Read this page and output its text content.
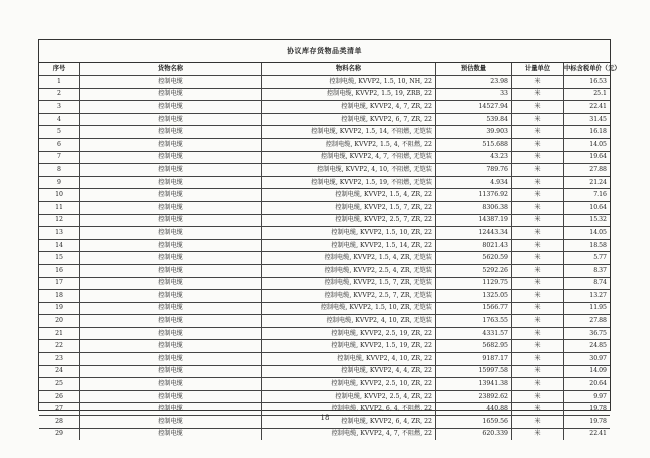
协议库存货物品类清单
序号	货物名称	物料名称	预估数量	计量单位	中标含税单价（元）
1	控制电缆	控制电缆, KVVP2, 1.5, 10, NH, 22	23.98	米	16.53
2	控制电缆	控制电缆, KVVP2, 1.5, 19, ZRB, 22	33	米	25.1
3	控制电缆	控制电缆, KVVP2, 4, 7, ZR, 22	14527.94	米	22.41
4	控制电缆	控制电缆, KVVP2, 6, 7, ZR, 22	539.84	米	31.45
5	控制电缆	控制电缆, KVVP2, 1.5, 14, 不阻燃, 无铠装	39.903	米	16.18
6	控制电缆	控制电缆, KVVP2, 1.5, 4, 不阻燃, 22	515.688	米	14.05
7	控制电缆	控制电缆, KVVP2, 4, 7, 不阻燃, 无铠装	43.23	米	19.64
8	控制电缆	控制电缆, KVVP2, 4, 10, 不阻燃, 无铠装	789.76	米	27.88
9	控制电缆	控制电缆, KVVP2, 1.5, 19, 不阻燃, 无铠装	4.934	米	21.24
10	控制电缆	控制电缆, KVVP2, 1.5, 4, ZR, 22	11376.92	米	7.16
11	控制电缆	控制电缆, KVVP2, 1.5, 7, ZR, 22	8306.38	米	10.64
12	控制电缆	控制电缆, KVVP2, 2.5, 7, ZR, 22	14387.19	米	15.32
13	控制电缆	控制电缆, KVVP2, 1.5, 10, ZR, 22	12443.34	米	14.05
14	控制电缆	控制电缆, KVVP2, 1.5, 14, ZR, 22	8021.43	米	18.58
15	控制电缆	控制电缆, KVVP2, 1.5, 4, ZR, 无铠装	5620.59	米	5.77
16	控制电缆	控制电缆, KVVP2, 2.5, 4, ZR, 无铠装	5292.26	米	8.37
17	控制电缆	控制电缆, KVVP2, 1.5, 7, ZR, 无铠装	1129.75	米	8.74
18	控制电缆	控制电缆, KVVP2, 2.5, 7, ZR, 无铠装	1325.05	米	13.27
19	控制电缆	控制电缆, KVVP2, 1.5, 10, ZR, 无铠装	1566.77	米	11.95
20	控制电缆	控制电缆, KVVP2, 4, 10, ZR, 无铠装	1763.55	米	27.88
21	控制电缆	控制电缆, KVVP2, 2.5, 19, ZR, 22	4331.57	米	36.75
22	控制电缆	控制电缆, KVVP2, 1.5, 19, ZR, 22	5682.95	米	24.85
23	控制电缆	控制电缆, KVVP2, 4, 10, ZR, 22	9187.17	米	30.97
24	控制电缆	控制电缆, KVVP2, 4, 4, ZR, 22	15997.58	米	14.09
25	控制电缆	控制电缆, KVVP2, 2.5, 10, ZR, 22	13941.38	米	20.64
26	控制电缆	控制电缆, KVVP2, 2.5, 4, ZR, 22	23892.62	米	9.97
27	控制电缆	控制电缆, KVVP2, 6, 4, 不阻燃, 22	440.88	米	19.78
28	控制电缆	控制电缆, KVVP2, 6, 4, ZR, 22	1659.56	米	19.78
29	控制电缆	控制电缆, KVVP2, 4, 7, 不阻燃, 22	620.339	米	22.41
18
